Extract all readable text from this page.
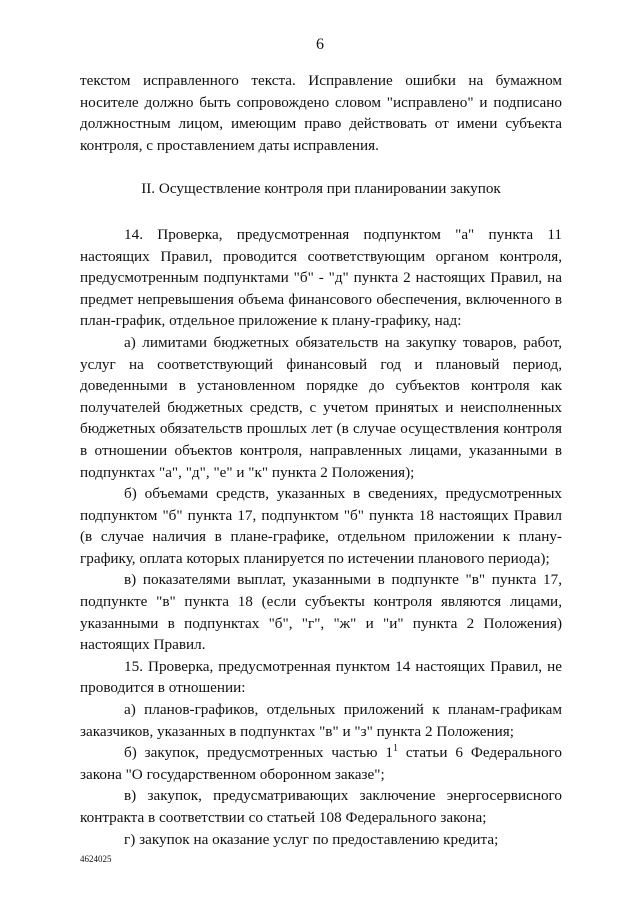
6

текстом исправленного текста. Исправление ошибки на бумажном носителе должно быть сопровождено словом "исправлено" и подписано должностным лицом, имеющим право действовать от имени субъекта контроля, с проставлением даты исправления.

II. Осуществление контроля при планировании закупок

14. Проверка, предусмотренная подпунктом "а" пункта 11 настоящих Правил, проводится соответствующим органом контроля, предусмотренным подпунктами "б" - "д" пункта 2 настоящих Правил, на предмет непревышения объема финансового обеспечения, включенного в план-график, отдельное приложение к плану-графику, над:

а) лимитами бюджетных обязательств на закупку товаров, работ, услуг на соответствующий финансовый год и плановый период, доведенными в установленном порядке до субъектов контроля как получателей бюджетных средств, с учетом принятых и неисполненных бюджетных обязательств прошлых лет (в случае осуществления контроля в отношении объектов контроля, направленных лицами, указанными в подпунктах "а", "д", "е" и "к" пункта 2 Положения);

б) объемами средств, указанных в сведениях, предусмотренных подпунктом "б" пункта 17, подпунктом "б" пункта 18 настоящих Правил (в случае наличия в плане-графике, отдельном приложении к плану-графику, оплата которых планируется по истечении планового периода);

в) показателями выплат, указанными в подпункте "в" пункта 17, подпункте "в" пункта 18 (если субъекты контроля являются лицами, указанными в подпунктах "б", "г", "ж" и "и" пункта 2 Положения) настоящих Правил.

15. Проверка, предусмотренная пунктом 14 настоящих Правил, не проводится в отношении:

а) планов-графиков, отдельных приложений к планам-графикам заказчиков, указанных в подпунктах "в" и "з" пункта 2 Положения;

б) закупок, предусмотренных частью $1^1$ статьи 6 Федерального закона "О государственном оборонном заказе";

в) закупок, предусматривающих заключение энергосервисного контракта в соответствии со статьей 108 Федерального закона;

г) закупок на оказание услуг по предоставлению кредита;

4624025
